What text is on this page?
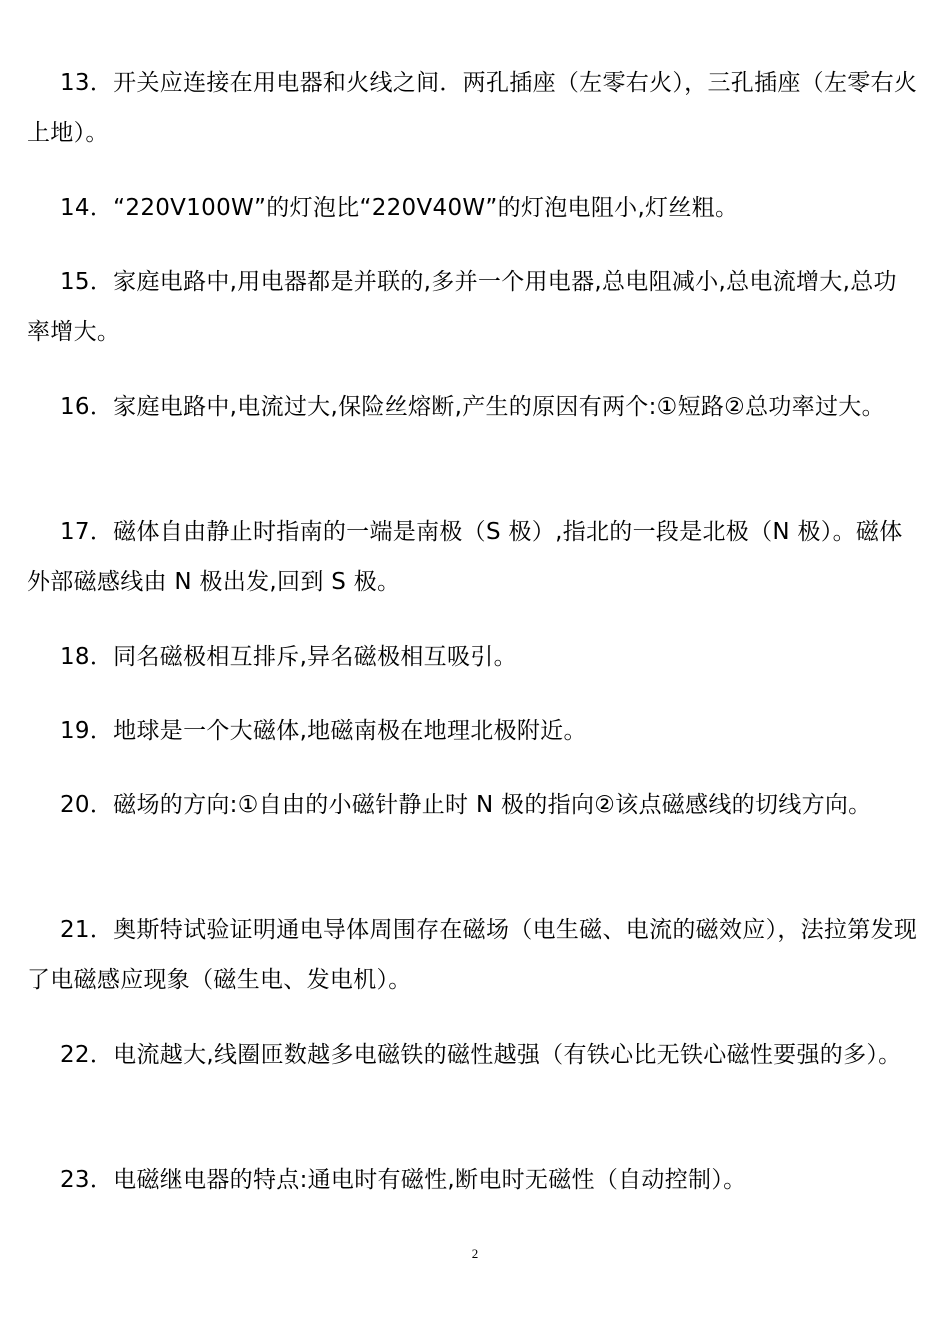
13．开关应连接在用电器和火线之间．两孔插座（左零右火），三孔插座（左零右火上地）。

14．“220V100W”的灯泡比“220V40W”的灯泡电阻小,灯丝粗。

15．家庭电路中,用电器都是并联的,多并一个用电器,总电阻减小,总电流增大,总功率增大。

16．家庭电路中,电流过大,保险丝熔断,产生的原因有两个:①短路②总功率过大。

17．磁体自由静止时指南的一端是南极（S 极）,指北的一段是北极（N 极）。磁体外部磁感线由 N 极出发,回到 S 极。

18．同名磁极相互排斥,异名磁极相互吸引。

19．地球是一个大磁体,地磁南极在地理北极附近。

20．磁场的方向:①自由的小磁针静止时 N 极的指向②该点磁感线的切线方向。

21．奥斯特试验证明通电导体周围存在磁场（电生磁、电流的磁效应），法拉第发现了电磁感应现象（磁生电、发电机）。

22．电流越大,线圈匝数越多电磁铁的磁性越强（有铁心比无铁心磁性要强的多）。

23．电磁继电器的特点:通电时有磁性,断电时无磁性（自动控制）。

2
